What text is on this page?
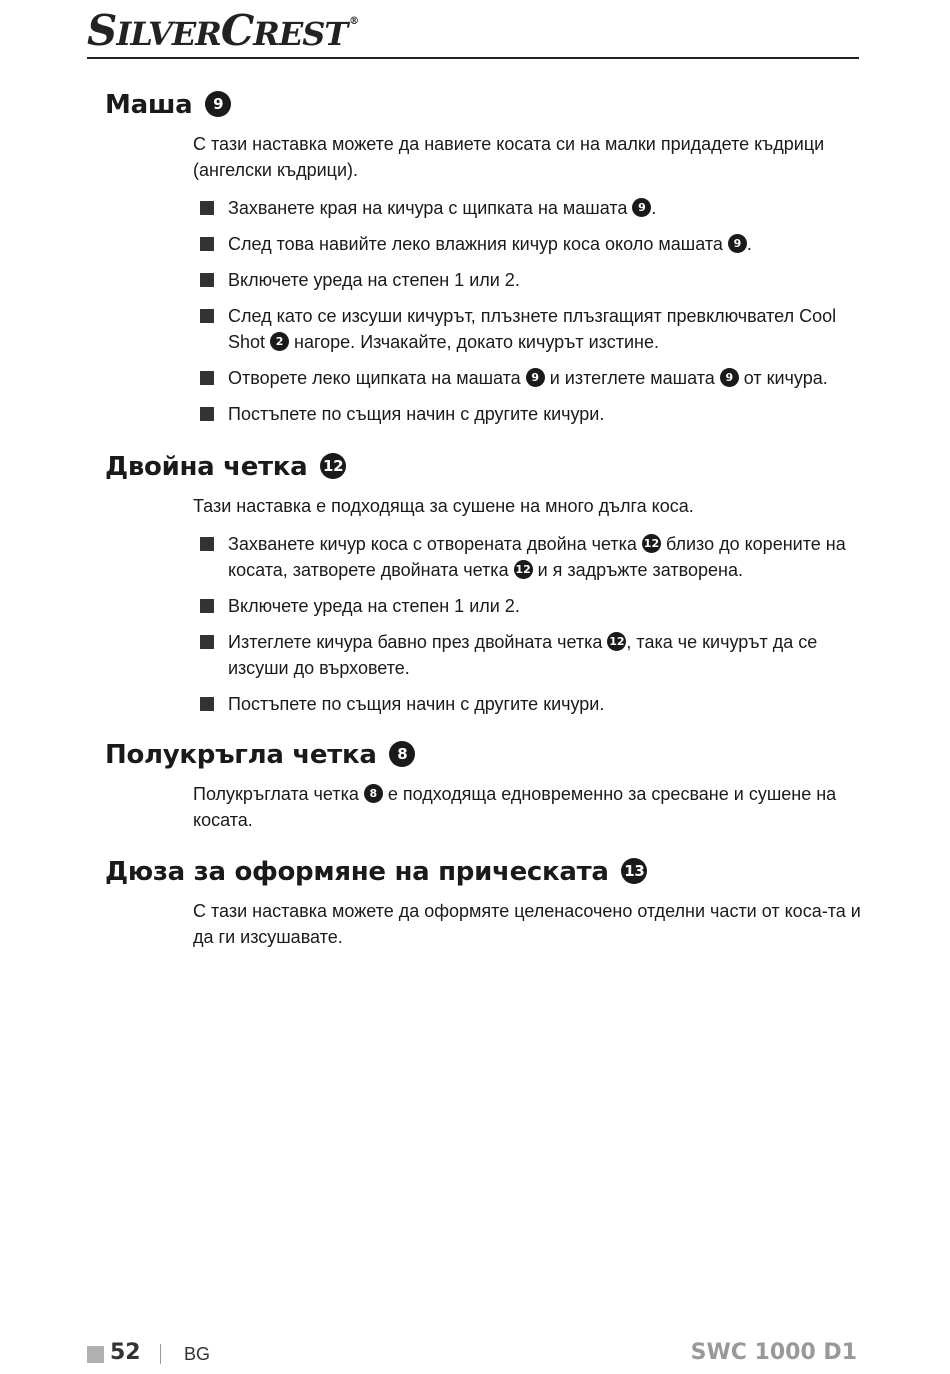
SILVERCREST ®
Маша 9

С тази наставка можете да навиете косата си на малки придадете къдрици (ангелски къдрици).

Захванете края на кичура с щипката на машата 9 .
След това навийте леко влажния кичур коса около машата 9 .
Включете уреда на степен 1 или 2.
След като се изсуши кичурът, плъзнете плъзгащият превключвател Cool Shot 2 нагоре. Изчакайте, докато кичурът изстине.
Отворете леко щипката на машата 9 и изтеглете машата 9 от кичура.
Постъпете по същия начин с другите кичури.
Двойна четка 12

Тази наставка е подходяща за сушене на много дълга коса.

Захванете кичур коса с отворената двойна четка 12 близо до корените на косата, затворете двойната четка 12 и я задръжте затворена.
Включете уреда на степен 1 или 2.
Изтеглете кичура бавно през двойната четка 12 , така че кичурът да се изсуши до върховете.
Постъпете по същия начин с другите кичури.
Полукръгла четка 8

Полукръглата четка 8 е подходяща едновременно за сресване и сушене на косата.

Дюза за оформяне на прическата 13

С тази наставка можете да оформяте целенасочено отделни части от коса-та и да ги изсушавате.

52 BG	SWC 1000 D1
